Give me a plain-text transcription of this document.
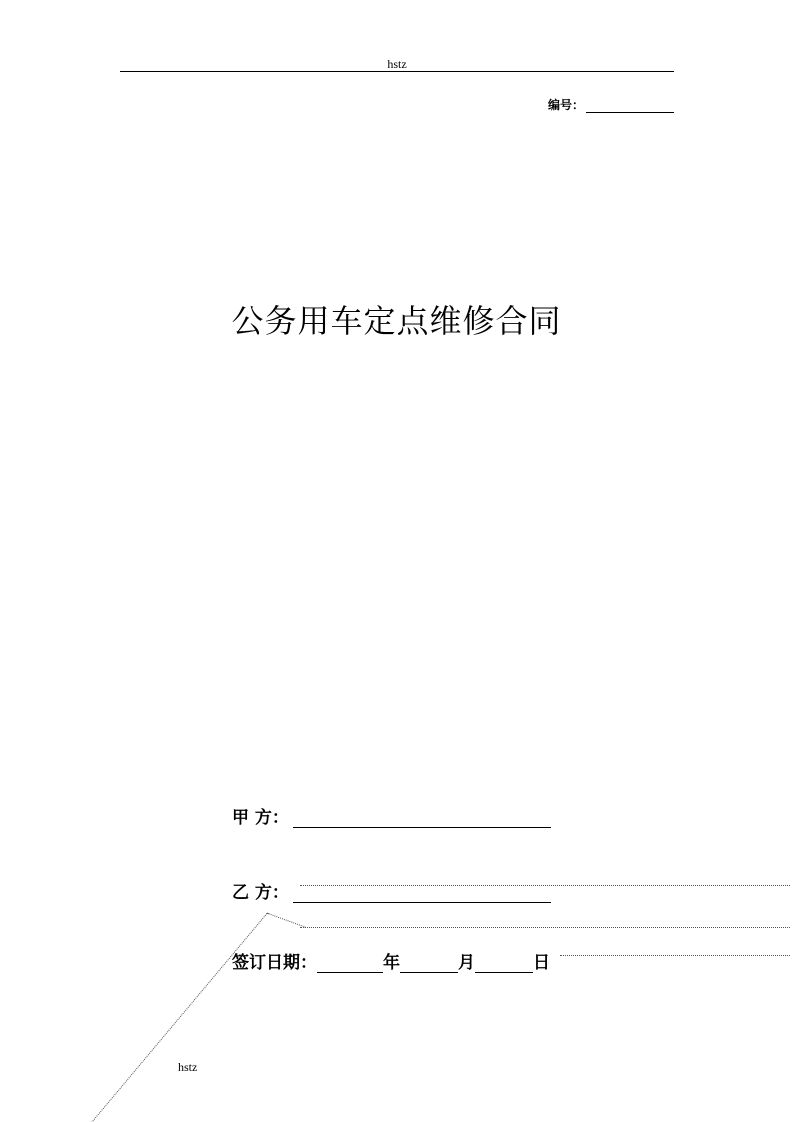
hstz
编号：
公务用车定点维修合同
甲 方：
乙 方：
签订日期：	年	月	日
hstz
